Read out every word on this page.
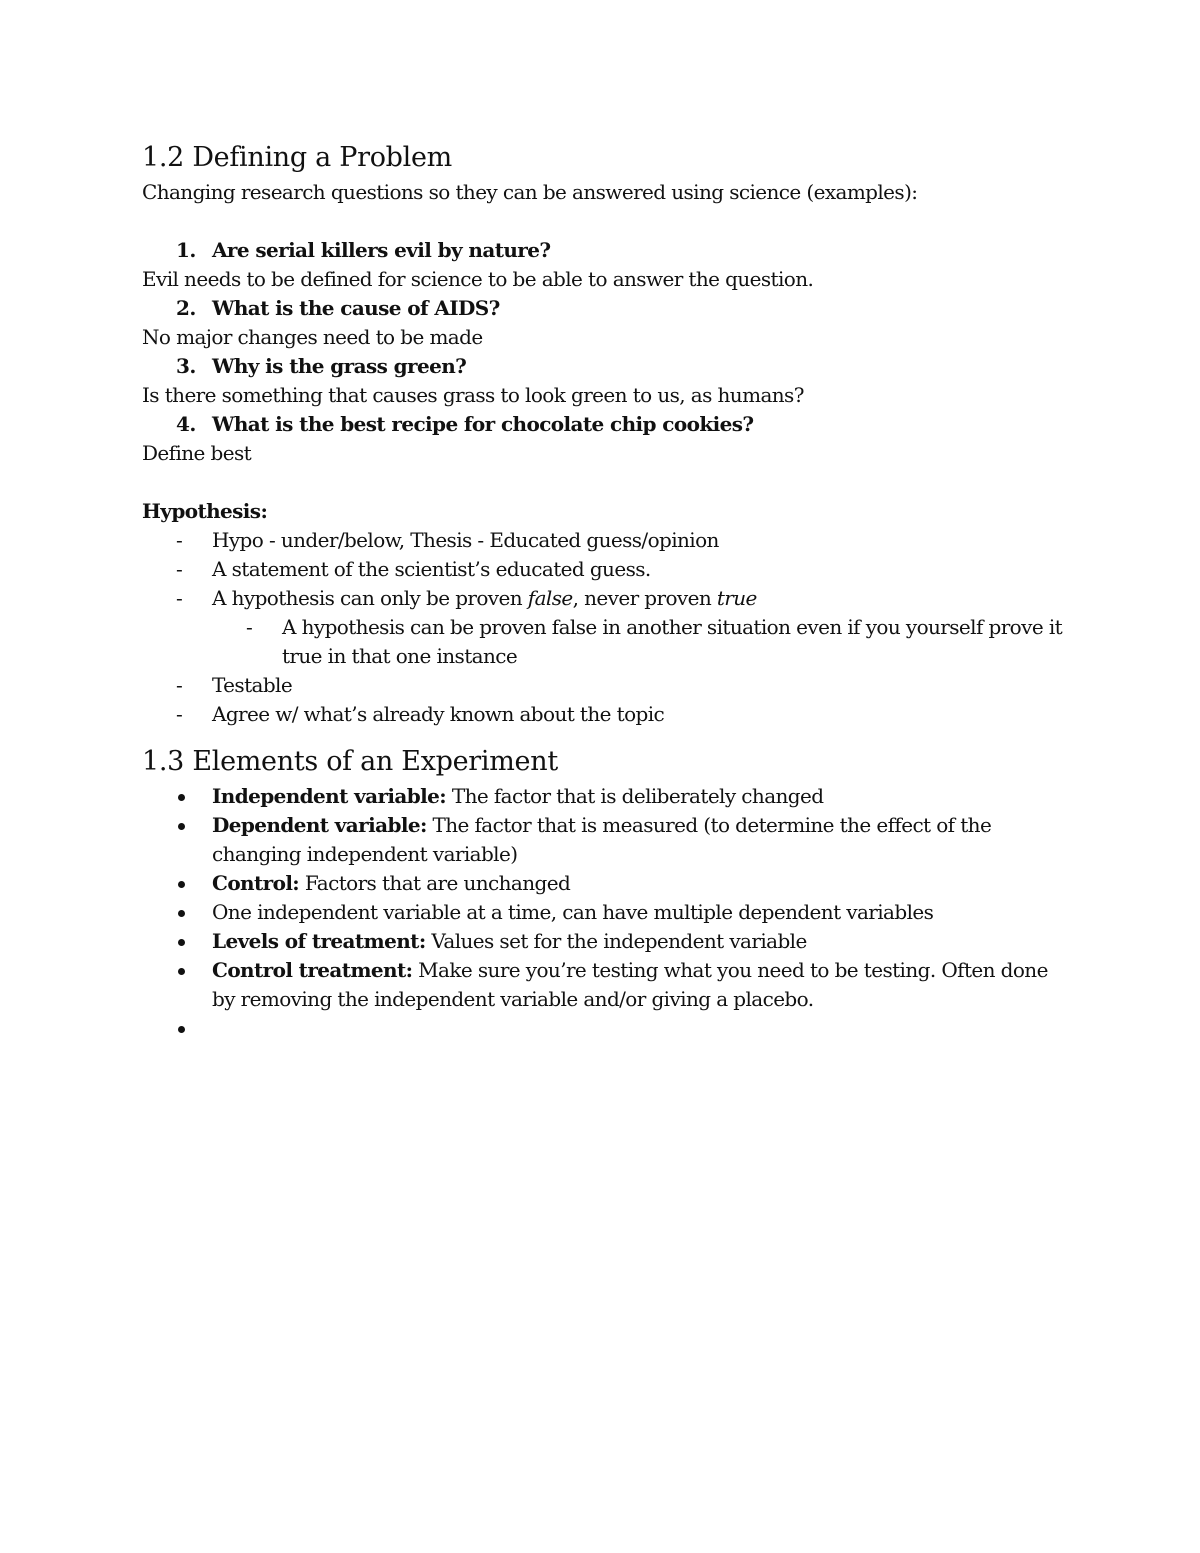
1.2 Defining a Problem

Changing research questions so they can be answered using science (examples):

1. Are serial killers evil by nature?

Evil needs to be defined for science to be able to answer the question.

2. What is the cause of AIDS?

No major changes need to be made

3. Why is the grass green?

Is there something that causes grass to look green to us, as humans?

4. What is the best recipe for chocolate chip cookies?

Define best

Hypothesis:

- Hypo - under/below, Thesis - Educated guess/opinion

- A statement of the scientist’s educated guess.

- A hypothesis can only be proven false, never proven true

- A hypothesis can be proven false in another situation even if you yourself prove it true in that one instance

- Testable

- Agree w/ what’s already known about the topic

1.3 Elements of an Experiment

Independent variable: The factor that is deliberately changed

Dependent variable: The factor that is measured (to determine the effect of the changing independent variable)

Control: Factors that are unchanged

One independent variable at a time, can have multiple dependent variables

Levels of treatment: Values set for the independent variable

Control treatment: Make sure you’re testing what you need to be testing. Often done by removing the independent variable and/or giving a placebo.
